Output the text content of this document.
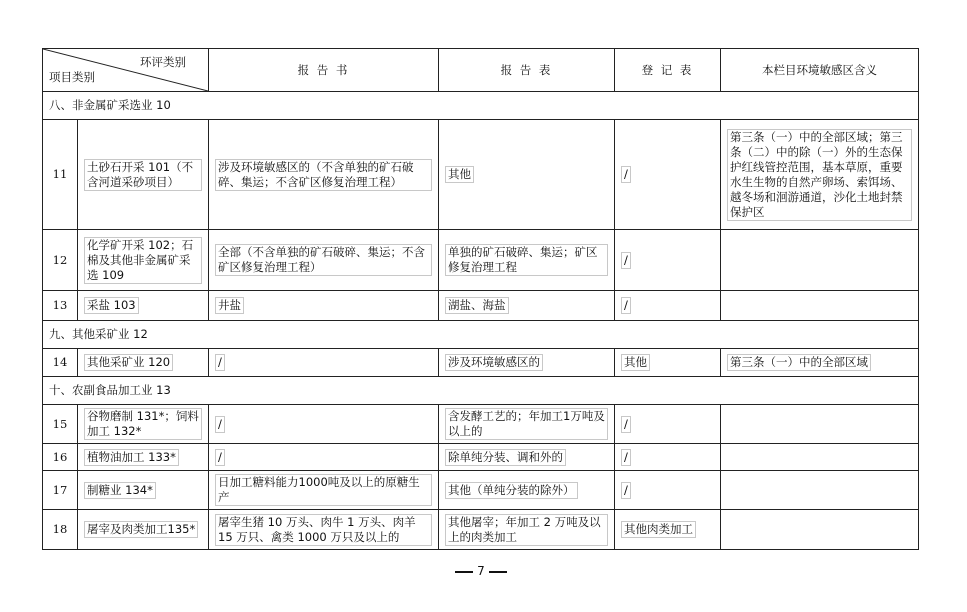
环评类别
项目类别		报 告 书	报 告 表	登 记 表	本栏目环境敏感区含义
八、非金属矿采选业 10					
11	土砂石开采 101（不含河道采砂项目）	涉及环境敏感区的（不含单独的矿石破碎、集运；不含矿区修复治理工程）	其他	/	第三条（一）中的全部区域；第三条（二）中的除（一）外的生态保护红线管控范围，基本草原，重要水生生物的自然产卵场、索饵场、越冬场和洄游通道，沙化土地封禁保护区
12	化学矿开采 102；石棉及其他非金属矿采选 109	全部（不含单独的矿石破碎、集运；不含矿区修复治理工程）	单独的矿石破碎、集运；矿区修复治理工程	/	
13	采盐 103	井盐	湖盐、海盐	/	
九、其他采矿业 12					
14	其他采矿业 120	/	涉及环境敏感区的	其他	第三条（一）中的全部区域
十、农副食品加工业 13					
15	谷物磨制 131*；饲料加工 132*	/	含发酵工艺的；年加工1万吨及以上的	/	
16	植物油加工 133*	/	除单纯分装、调和外的	/	
17	制糖业 134*	日加工糖料能力1000吨及以上的原糖生产	其他（单纯分装的除外）	/	
18	屠宰及肉类加工135*	屠宰生猪 10 万头、肉牛 1 万头、肉羊 15 万只、禽类 1000 万只及以上的	其他屠宰；年加工 2 万吨及以上的肉类加工	其他肉类加工	
7
